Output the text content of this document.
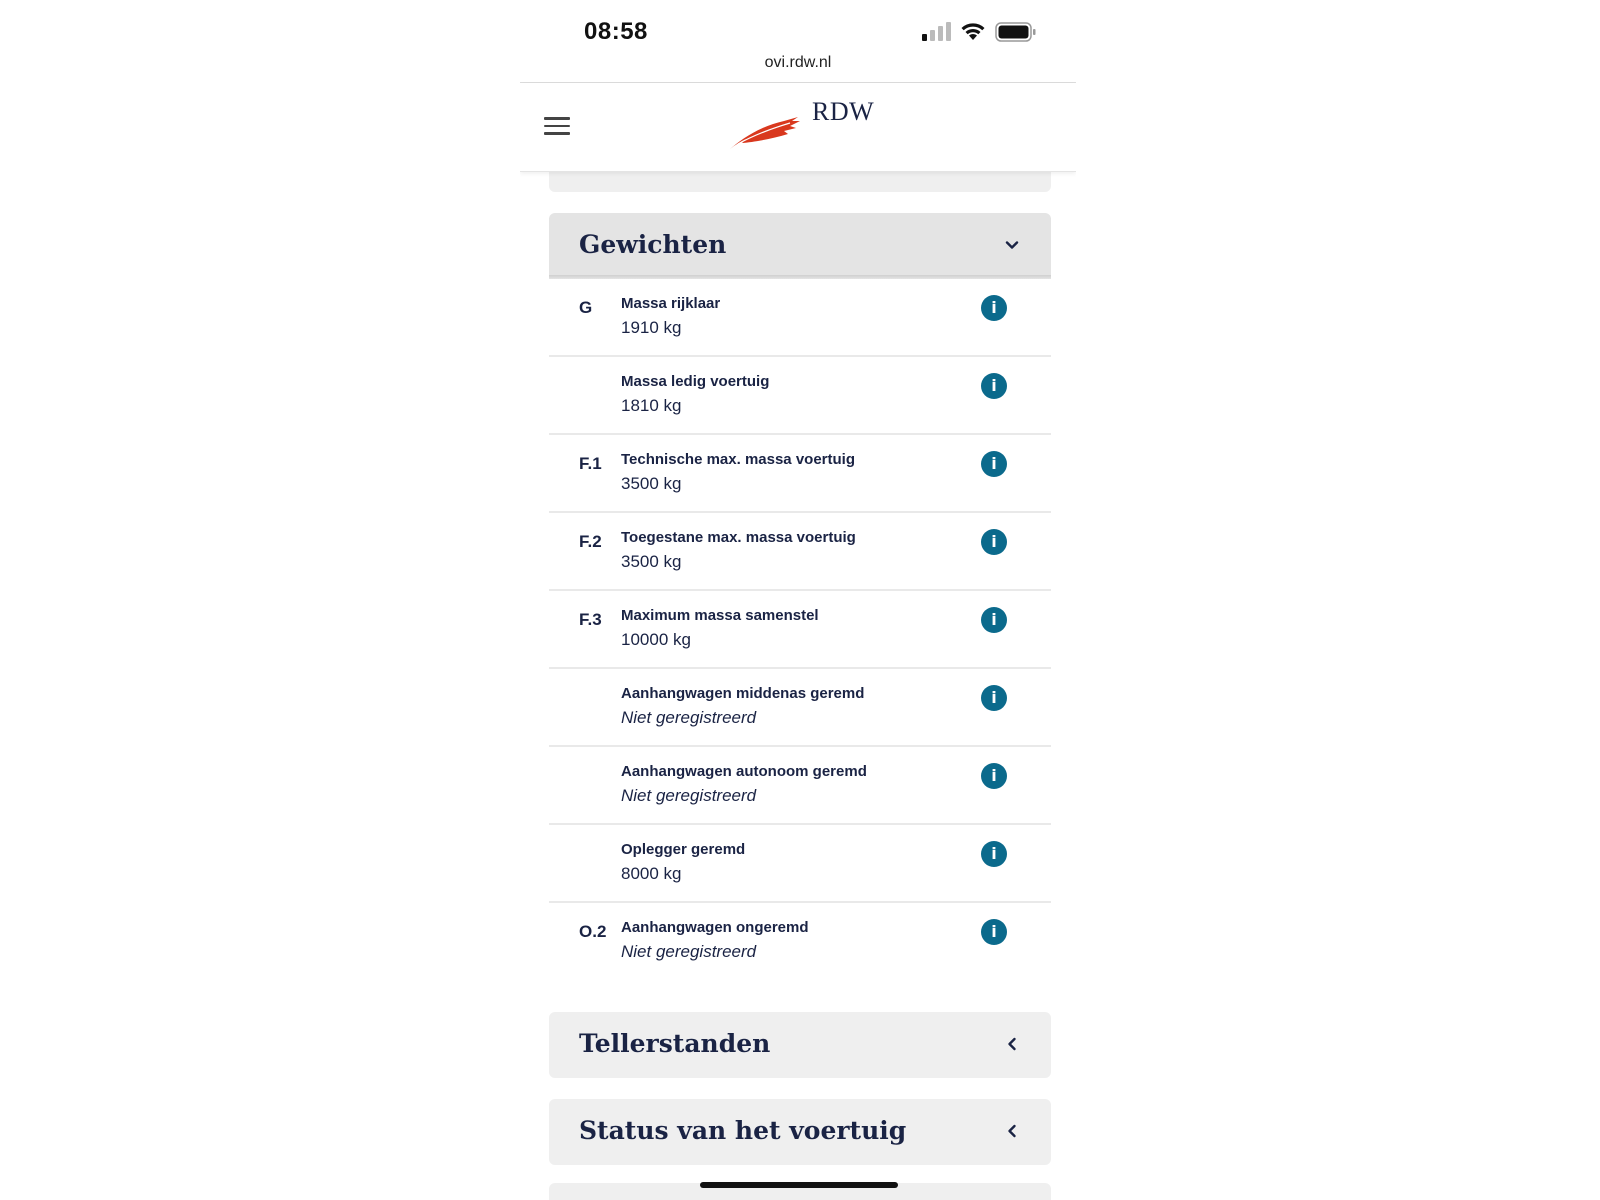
08:58
ovi.rdw.nl
RDW
Gewichten
G Massa rijklaar
1910 kg
i
Massa ledig voertuig
1810 kg
i
F.1 Technische max. massa voertuig
3500 kg
i
F.2 Toegestane max. massa voertuig
3500 kg
i
F.3 Maximum massa samenstel
10000 kg
i
Aanhangwagen middenas geremd
Niet geregistreerd
i
Aanhangwagen autonoom geremd
Niet geregistreerd
i
Oplegger geremd
8000 kg
i
O.2 Aanhangwagen ongeremd
Niet geregistreerd
i
Tellerstanden
Status van het voertuig
